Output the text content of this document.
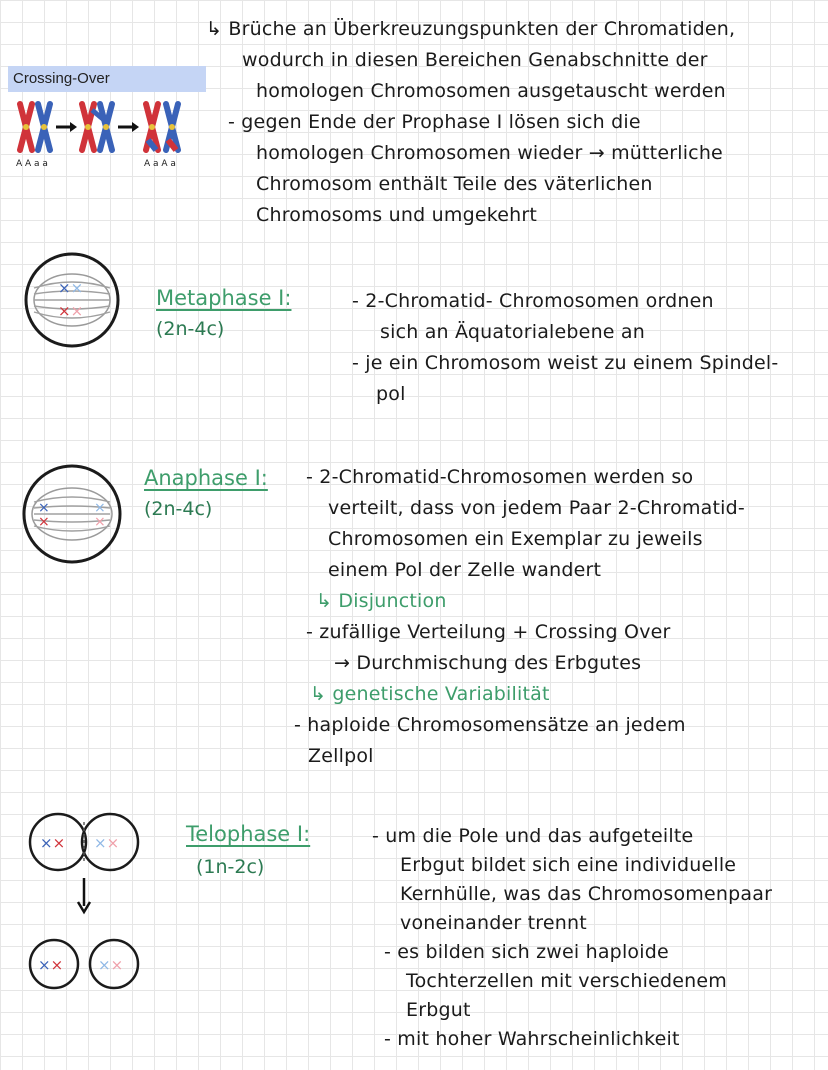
Crossing-Over
A A a a	A a A a
↳ Brüche an Überkreuzungspunkten der Chromatiden,
wodurch in diesen Bereichen Genabschnitte der
homologen Chromosomen ausgetauscht werden
- gegen Ende der Prophase I lösen sich die
homologen Chromosomen wieder → mütterliche
Chromosom enthält Teile des väterlichen
Chromosoms und umgekehrt
××
××
Metaphase I:
(2n-4c)
- 2-Chromatid- Chromosomen ordnen
sich an Äquatorialebene an
- je ein Chromosom weist zu einem Spindel-
pol
×
×
×
×
Anaphase I:
(2n-4c)
- 2-Chromatid-Chromosomen werden so
verteilt, dass von jedem Paar 2-Chromatid-
Chromosomen ein Exemplar zu jeweils
einem Pol der Zelle wandert
↳ Disjunction
- zufällige Verteilung + Crossing Over
→ Durchmischung des Erbgutes
↳ genetische Variabilität
- haploide Chromosomensätze an jedem
Zellpol
×× ××
×× ××
Telophase I:
(1n-2c)
- um die Pole und das aufgeteilte
Erbgut bildet sich eine individuelle
Kernhülle, was das Chromosomenpaar
voneinander trennt
- es bilden sich zwei haploide
Tochterzellen mit verschiedenem
Erbgut
- mit hoher Wahrscheinlichkeit
